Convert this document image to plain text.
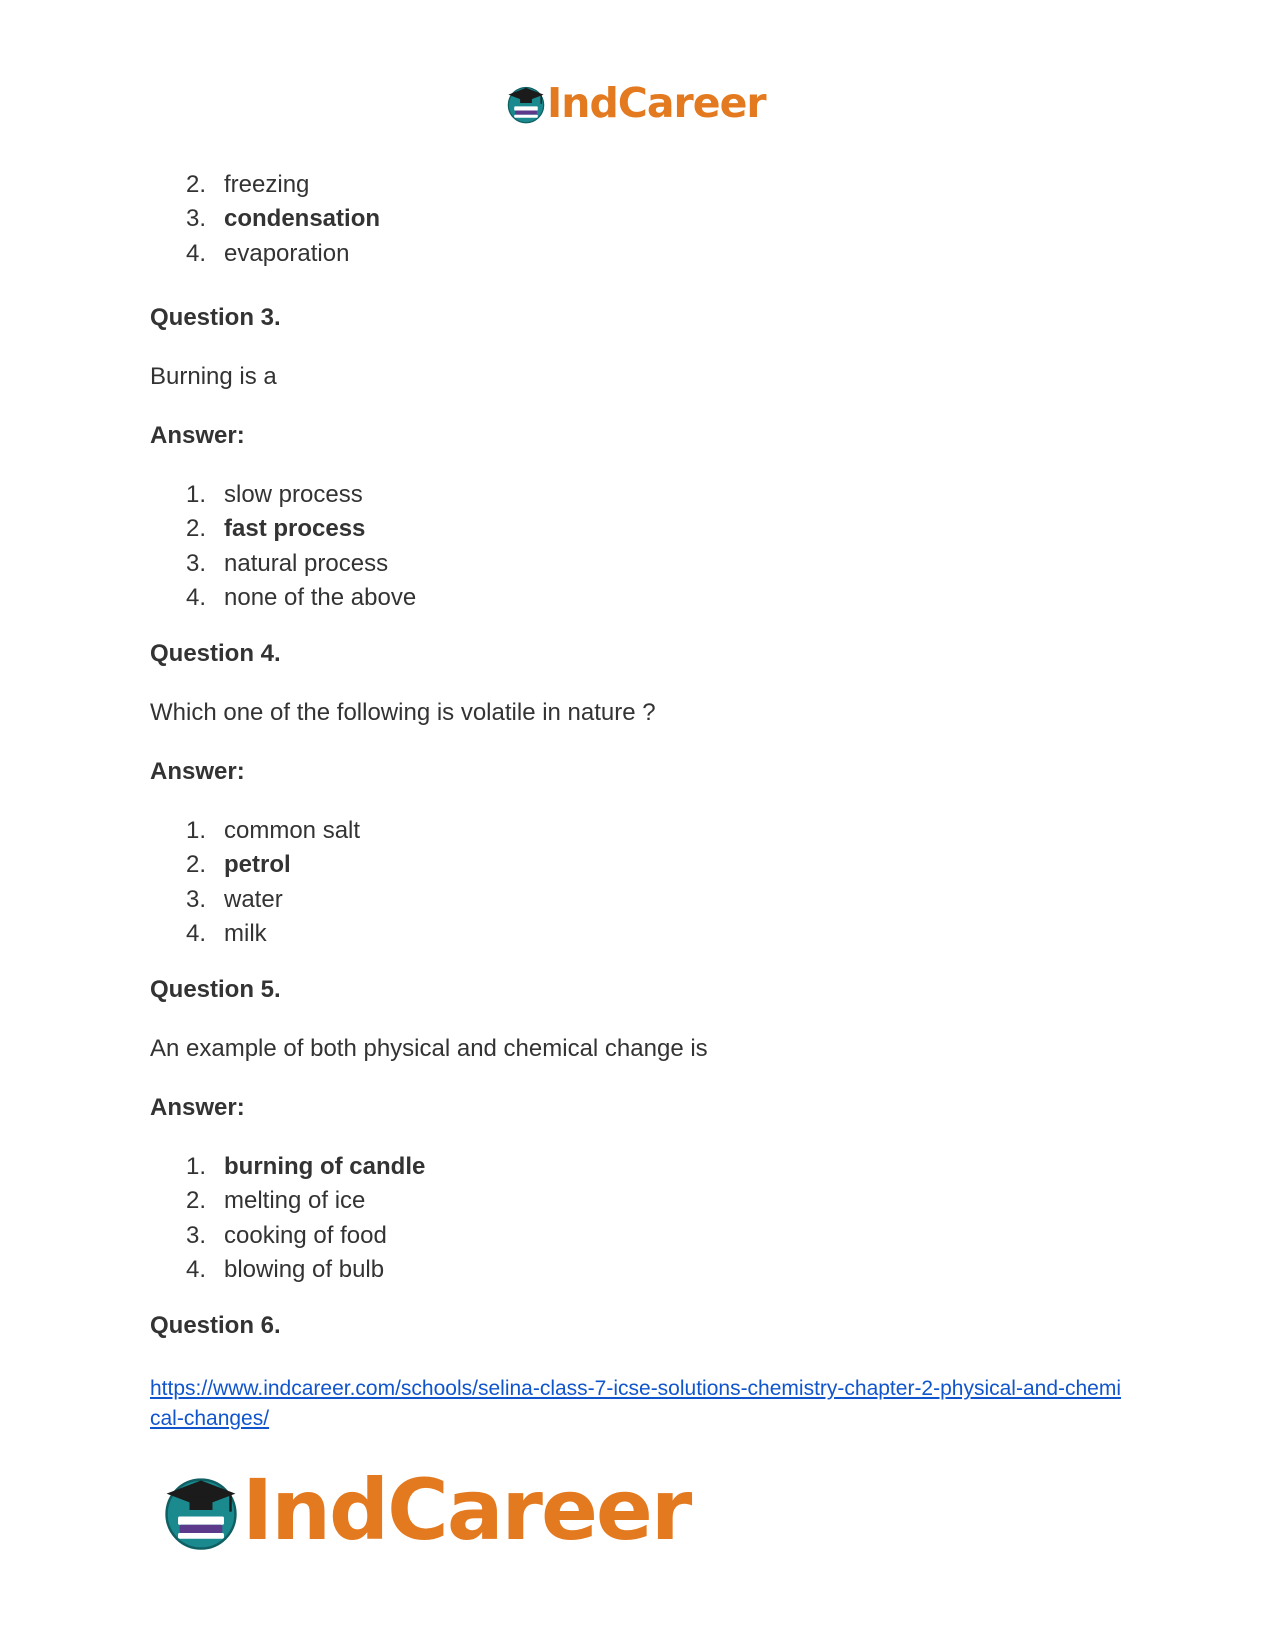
IndCareer
2. freezing
3. condensation
4. evaporation
Question 3.
Burning is a
Answer:
1. slow process
2. fast process
3. natural process
4. none of the above
Question 4.
Which one of the following is volatile in nature ?
Answer:
1. common salt
2. petrol
3. water
4. milk
Question 5.
An example of both physical and chemical change is
Answer:
1. burning of candle
2. melting of ice
3. cooking of food
4. blowing of bulb
Question 6.
https://www.indcareer.com/schools/selina-class-7-icse-solutions-chemistry-chapter-2-physical-and-chemical-changes/
IndCareer
